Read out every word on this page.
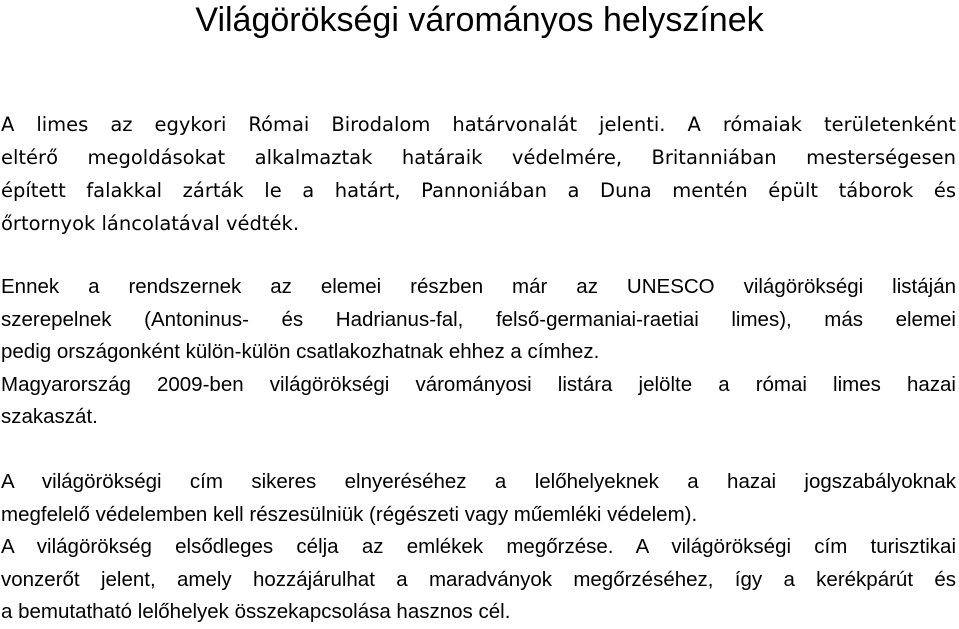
Világörökségi várományos helyszínek
A limes az egykori Római Birodalom határvonalát jelenti. A rómaiak területenként
eltérő megoldásokat alkalmaztak határaik védelmére, Britanniában mesterségesen
épített falakkal zárták le a határt, Pannoniában a Duna mentén épült táborok és
őrtornyok láncolatával védték.
Ennek a rendszernek az elemei részben már az UNESCO világörökségi listáján
szerepelnek (Antoninus- és Hadrianus-fal, felső-germaniai-raetiai limes), más elemei
pedig országonként külön-külön csatlakozhatnak ehhez a címhez.
Magyarország 2009-ben világörökségi várományosi listára jelölte a római limes hazai
szakaszát.
A világörökségi cím sikeres elnyeréséhez a lelőhelyeknek a hazai jogszabályoknak
megfelelő védelemben kell részesülniük (régészeti vagy műemléki védelem).
A világörökség elsődleges célja az emlékek megőrzése. A világörökségi cím turisztikai
vonzerőt jelent, amely hozzájárulhat a maradványok megőrzéséhez, így a kerékpárút és
a bemutatható lelőhelyek összekapcsolása hasznos cél.
